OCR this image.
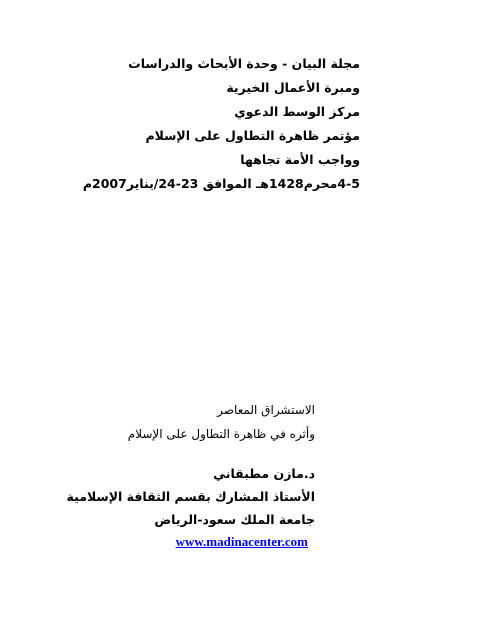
مجلة البيان - وحدة الأبحاث والدراسات
ومبرة الأعمال الخيرية
مركز الوسط الدعوي
مؤتمر ظاهرة التطاول على الإسلام
وواجب الأمة تجاهها
4-5محرم1428هـ الموافق 23-24/يناير2007م
الاستشراق المعاصر
وأثره في ظاهرة التطاول على الإسلام
د.مازن مطبقاني
الأستاذ المشارك بقسم الثقافة الإسلامية
جامعة الملك سعود-الرياض
www.madinacenter.com
